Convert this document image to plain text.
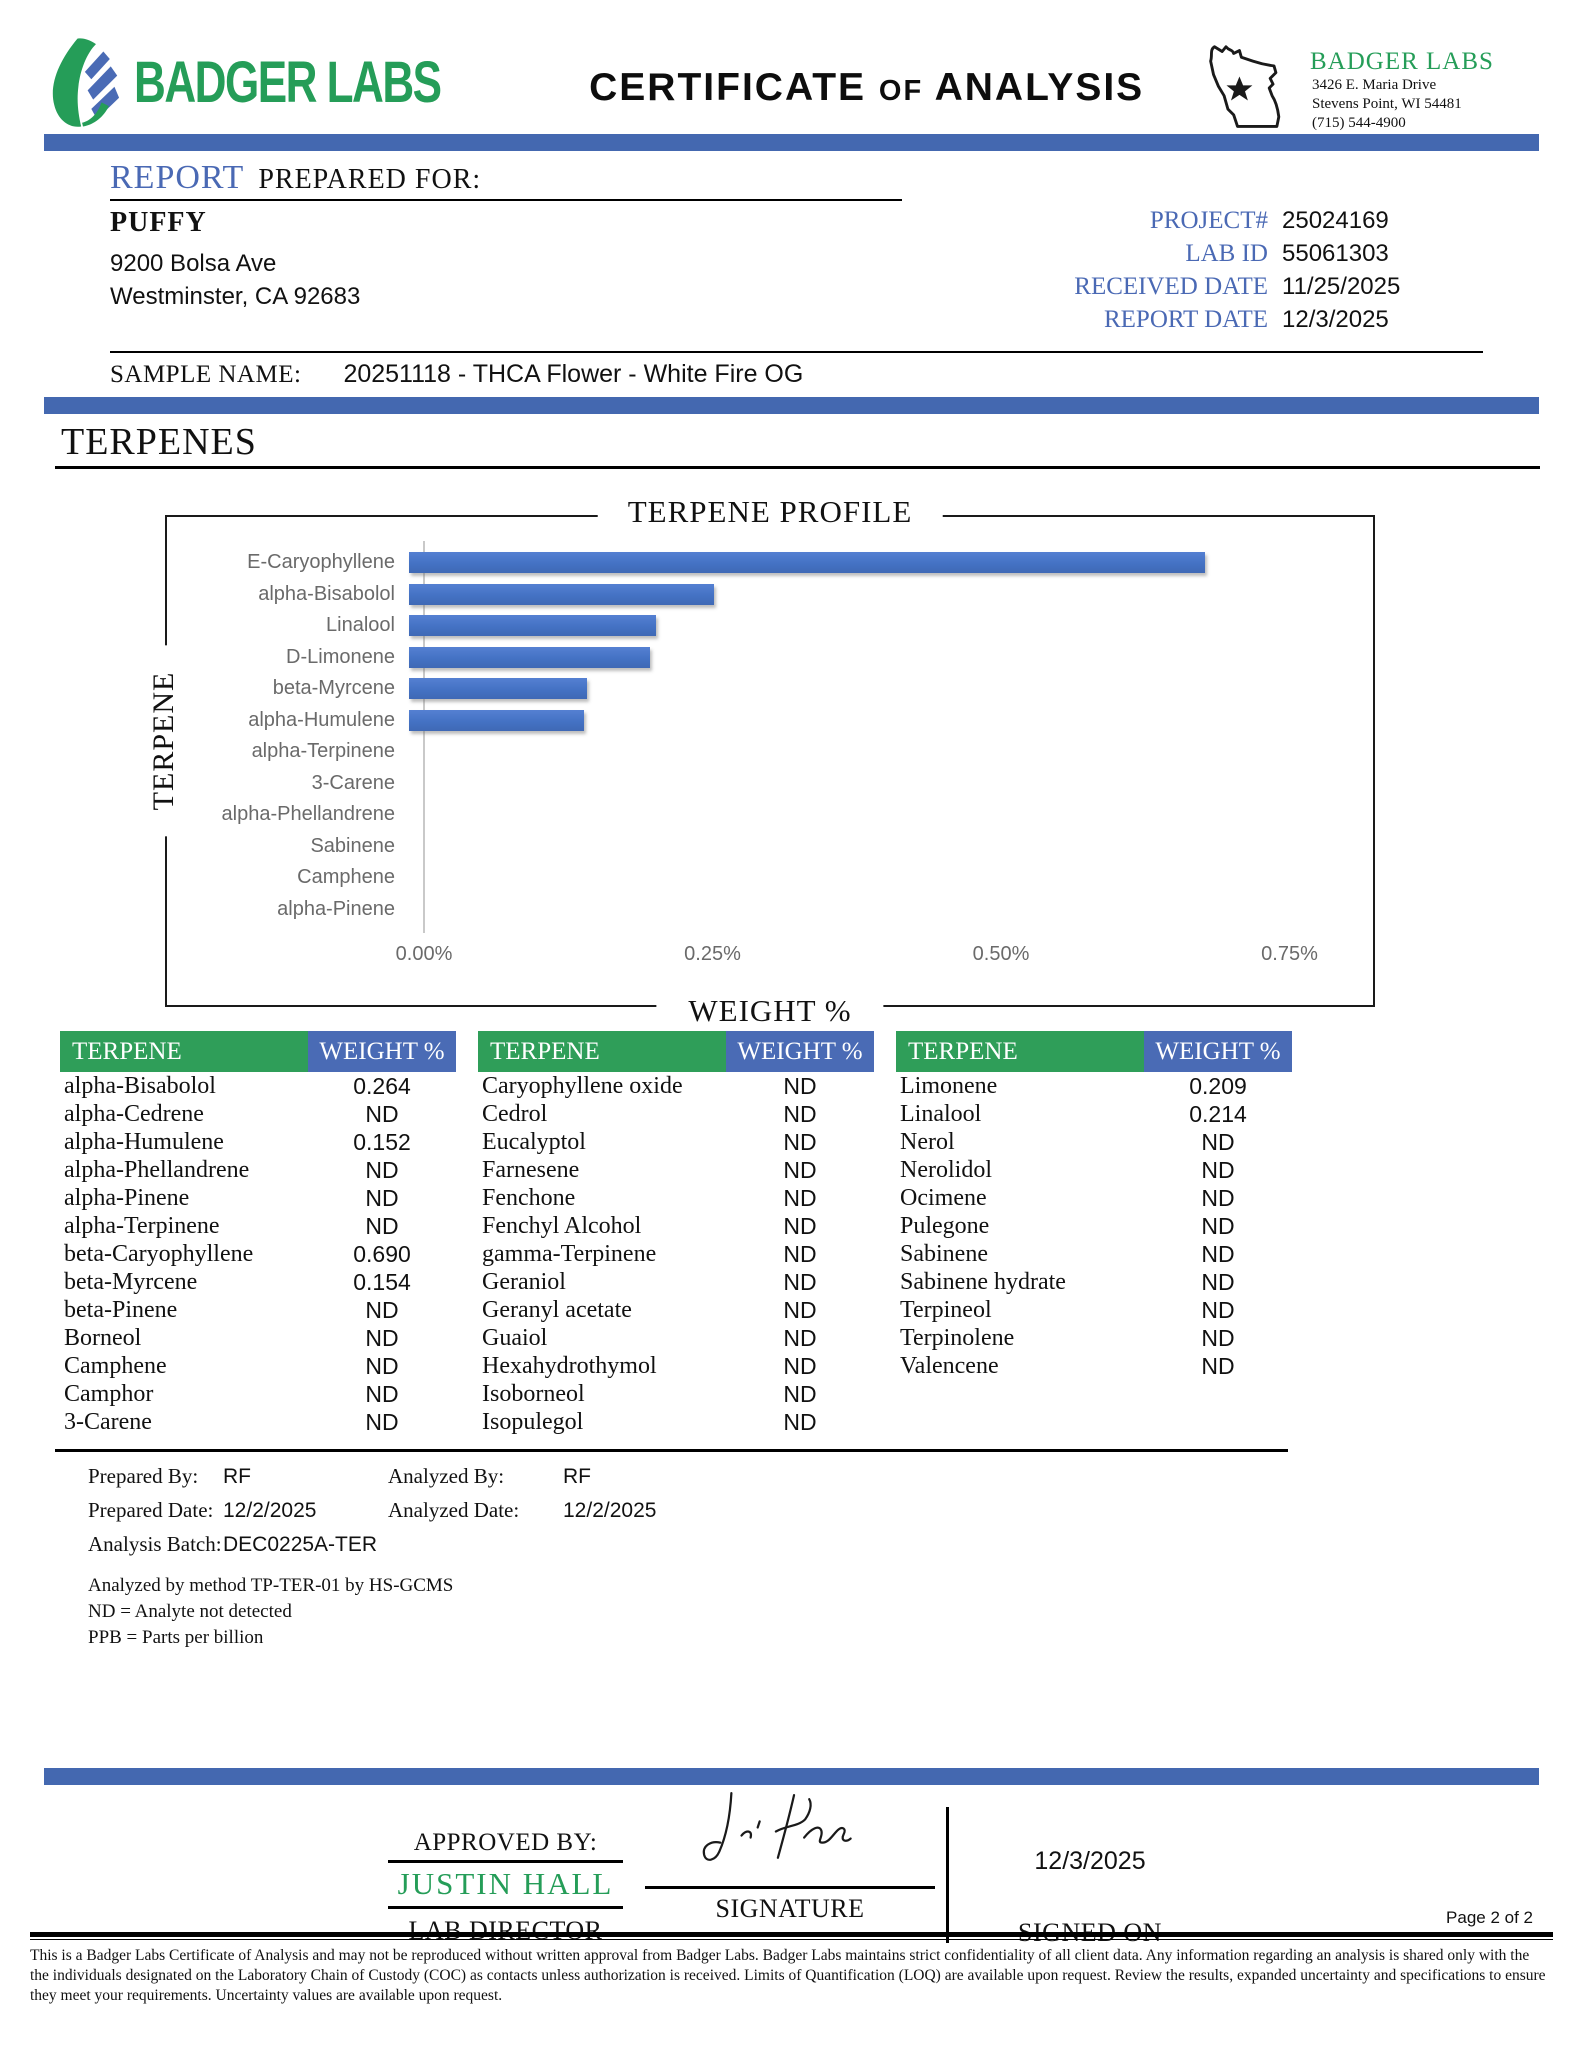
BADGER LABS	CERTIFICATE OF ANALYSIS
BADGER LABS
3426 E. Maria Drive
Stevens Point, WI 54481
(715) 544-4900
REPORT PREPARED FOR:
PUFFY
9200 Bolsa Ave
Westminster, CA 92683
PROJECT# 25024169
LAB ID 55061303
RECEIVED DATE 11/25/2025
REPORT DATE 12/3/2025
SAMPLE NAME:	20251118 - THCA Flower - White Fire OG
TERPENES
TERPENE PROFILE
TERPENE
WEIGHT %
E-Caryophyllene
alpha-Bisabolol
Linalool
D-Limonene
beta-Myrcene
alpha-Humulene
alpha-Terpinene
3-Carene
alpha-Phellandrene
Sabinene
Camphene
alpha-Pinene
0.00%	0.25%	0.50%	0.75%
TERPENE	WEIGHT %
alpha-Bisabolol	0.264
alpha-Cedrene	ND
alpha-Humulene	0.152
alpha-Phellandrene	ND
alpha-Pinene	ND
alpha-Terpinene	ND
beta-Caryophyllene	0.690
beta-Myrcene	0.154
beta-Pinene	ND
Borneol	ND
Camphene	ND
Camphor	ND
3-Carene	ND
TERPENE	WEIGHT %
Caryophyllene oxide	ND
Cedrol	ND
Eucalyptol	ND
Farnesene	ND
Fenchone	ND
Fenchyl Alcohol	ND
gamma-Terpinene	ND
Geraniol	ND
Geranyl acetate	ND
Guaiol	ND
Hexahydrothymol	ND
Isoborneol	ND
Isopulegol	ND
TERPENE	WEIGHT %
Limonene	0.209
Linalool	0.214
Nerol	ND
Nerolidol	ND
Ocimene	ND
Pulegone	ND
Sabinene	ND
Sabinene hydrate	ND
Terpineol	ND
Terpinolene	ND
Valencene	ND
Prepared By:	RF	Analyzed By:	RF
Prepared Date: 12/2/2025	Analyzed Date:	12/2/2025
Analysis Batch: DEC0225A-TER
Analyzed by method TP-TER-01 by HS-GCMS
ND = Analyte not detected
PPB = Parts per billion
APPROVED BY:
JUSTIN HALL
LAB DIRECTOR
SIGNATURE
12/3/2025
SIGNED ON
Page 2 of 2
This is a Badger Labs Certificate of Analysis and may not be reproduced without written approval from Badger Labs. Badger Labs maintains strict confidentiality of all client data. Any information regarding an analysis is shared only with the the individuals designated on the Laboratory Chain of Custody (COC) as contacts unless authorization is received. Limits of Quantification (LOQ) are available upon request. Review the results, expanded uncertainty and specifications to ensure they meet your requirements. Uncertainty values are available upon request.
